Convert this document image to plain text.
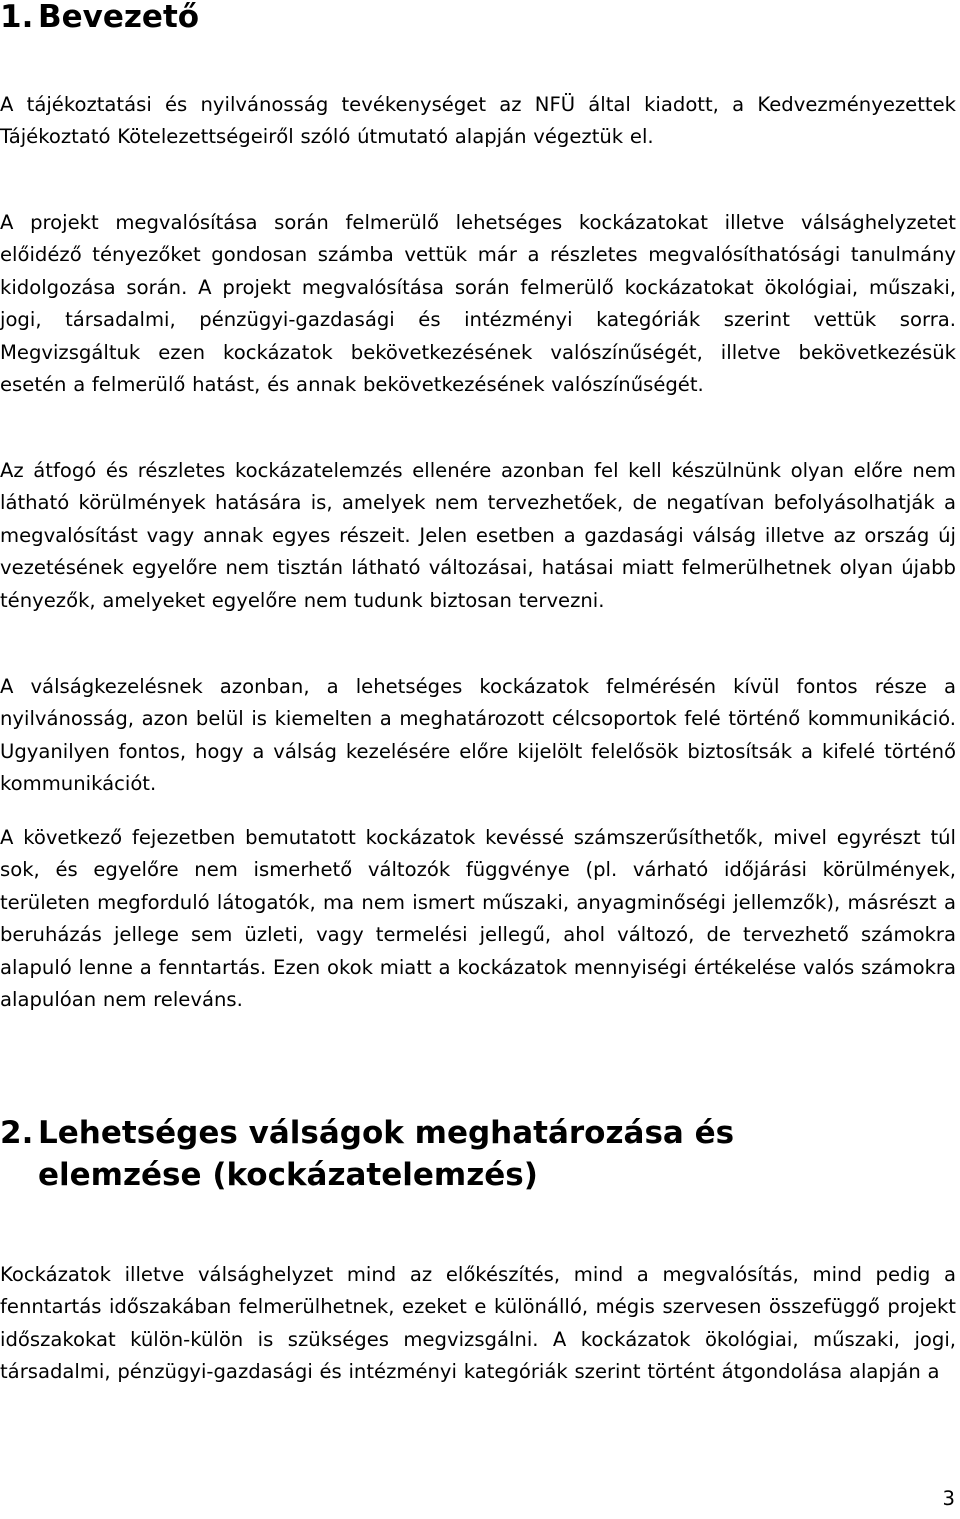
1. Bevezető

A tájékoztatási és nyilvánosság tevékenységet az NFÜ által kiadott, a Kedvezményezettek Tájékoztató Kötelezettségeiről szóló útmutató alapján végeztük el.

A projekt megvalósítása során felmerülő lehetséges kockázatokat illetve válsághelyzetet előidéző tényezőket gondosan számba vettük már a részletes megvalósíthatósági tanulmány kidolgozása során. A projekt megvalósítása során felmerülő kockázatokat ökológiai, műszaki, jogi, társadalmi, pénzügyi-gazdasági és intézményi kategóriák szerint vettük sorra. Megvizsgáltuk ezen kockázatok bekövetkezésének valószínűségét, illetve bekövetkezésük esetén a felmerülő hatást, és annak bekövetkezésének valószínűségét.

Az átfogó és részletes kockázatelemzés ellenére azonban fel kell készülnünk olyan előre nem látható körülmények hatására is, amelyek nem tervezhetőek, de negatívan befolyásolhatják a megvalósítást vagy annak egyes részeit. Jelen esetben a gazdasági válság illetve az ország új vezetésének egyelőre nem tisztán látható változásai, hatásai miatt felmerülhetnek olyan újabb tényezők, amelyeket egyelőre nem tudunk biztosan tervezni.

A válságkezelésnek azonban, a lehetséges kockázatok felmérésén kívül fontos része a nyilvánosság, azon belül is kiemelten a meghatározott célcsoportok felé történő kommunikáció. Ugyanilyen fontos, hogy a válság kezelésére előre kijelölt felelősök biztosítsák a kifelé történő kommunikációt.

A következő fejezetben bemutatott kockázatok kevéssé számszerűsíthetők, mivel egyrészt túl sok, és egyelőre nem ismerhető változók függvénye (pl. várható időjárási körülmények, területen megforduló látogatók, ma nem ismert műszaki, anyagminőségi jellemzők), másrészt a beruházás jellege sem üzleti, vagy termelési jellegű, ahol változó, de tervezhető számokra alapuló lenne a fenntartás. Ezen okok miatt a kockázatok mennyiségi értékelése valós számokra alapulóan nem releváns.

2. Lehetséges válságok meghatározása és elemzése (kockázatelemzés)

Kockázatok illetve válsághelyzet mind az előkészítés, mind a megvalósítás, mind pedig a fenntartás időszakában felmerülhetnek, ezeket e különálló, mégis szervesen összefüggő projekt időszakokat külön-külön is szükséges megvizsgálni. A kockázatok ökológiai, műszaki, jogi, társadalmi, pénzügyi-gazdasági és intézményi kategóriák szerint történt átgondolása alapján a

3
